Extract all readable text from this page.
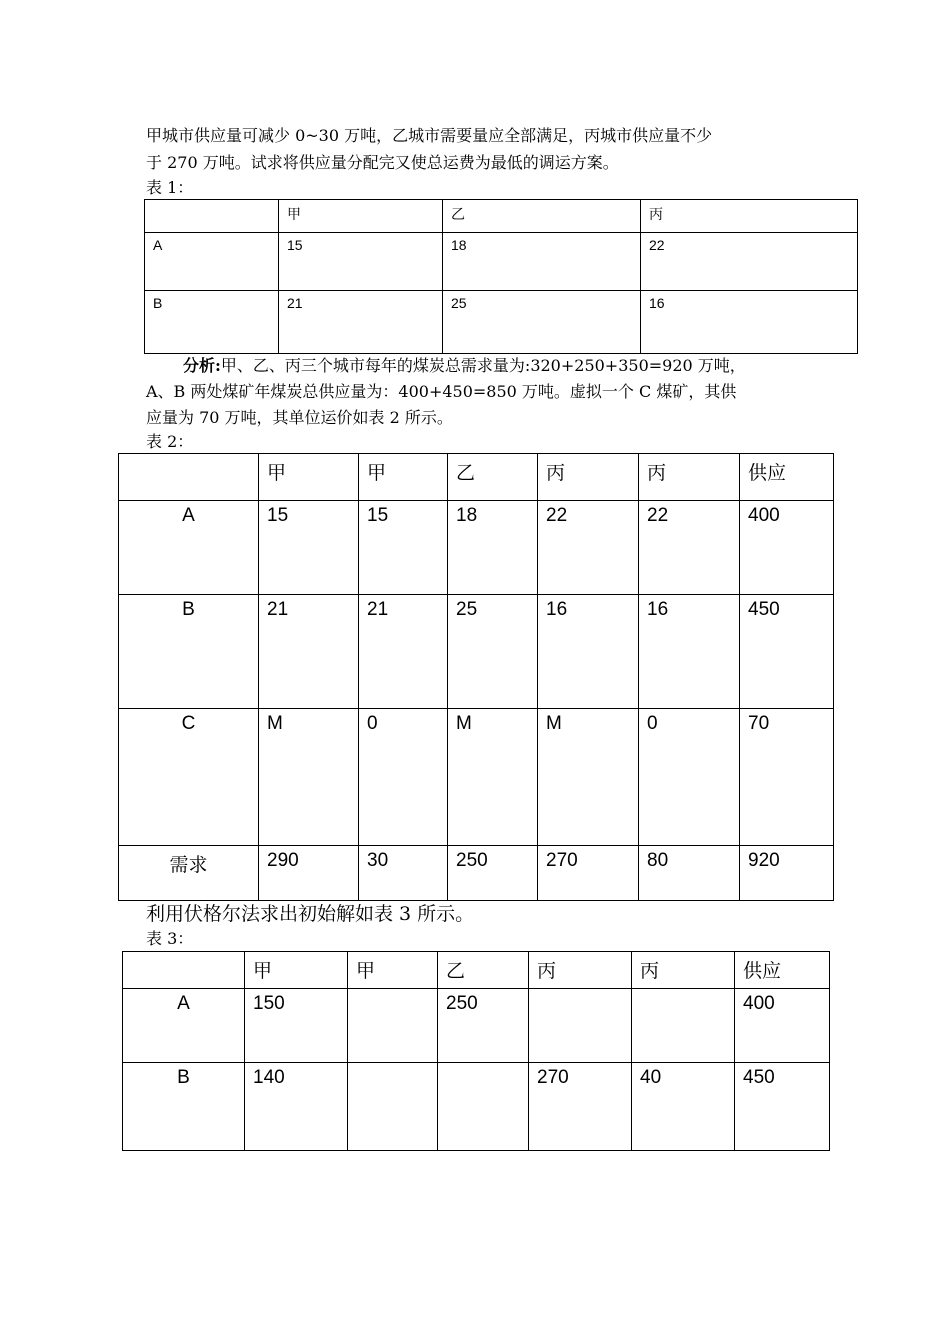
甲城市供应量可减少 0~30 万吨，乙城市需要量应全部满足，丙城市供应量不少

于 270 万吨。试求将供应量分配完又使总运费为最低的调运方案。

表 1：

	甲	乙	丙
A	15	18	22
B	21	25	16

分析:甲、乙、丙三个城市每年的煤炭总需求量为:320+250+350=920 万吨，

A、B 两处煤矿年煤炭总供应量为：400+450=850 万吨。虚拟一个 C 煤矿，其供

应量为 70 万吨，其单位运价如表 2 所示。

表 2：

	甲	甲	乙	丙	丙	供应
A	15	15	18	22	22	400
B	21	21	25	16	16	450
C	M	0	M	M	0	70
需求	290	30	250	270	80	920

利用伏格尔法求出初始解如表 3 所示。

表 3：

	甲	甲	乙	丙	丙	供应
A	150		250			400
B	140			270	40	450
